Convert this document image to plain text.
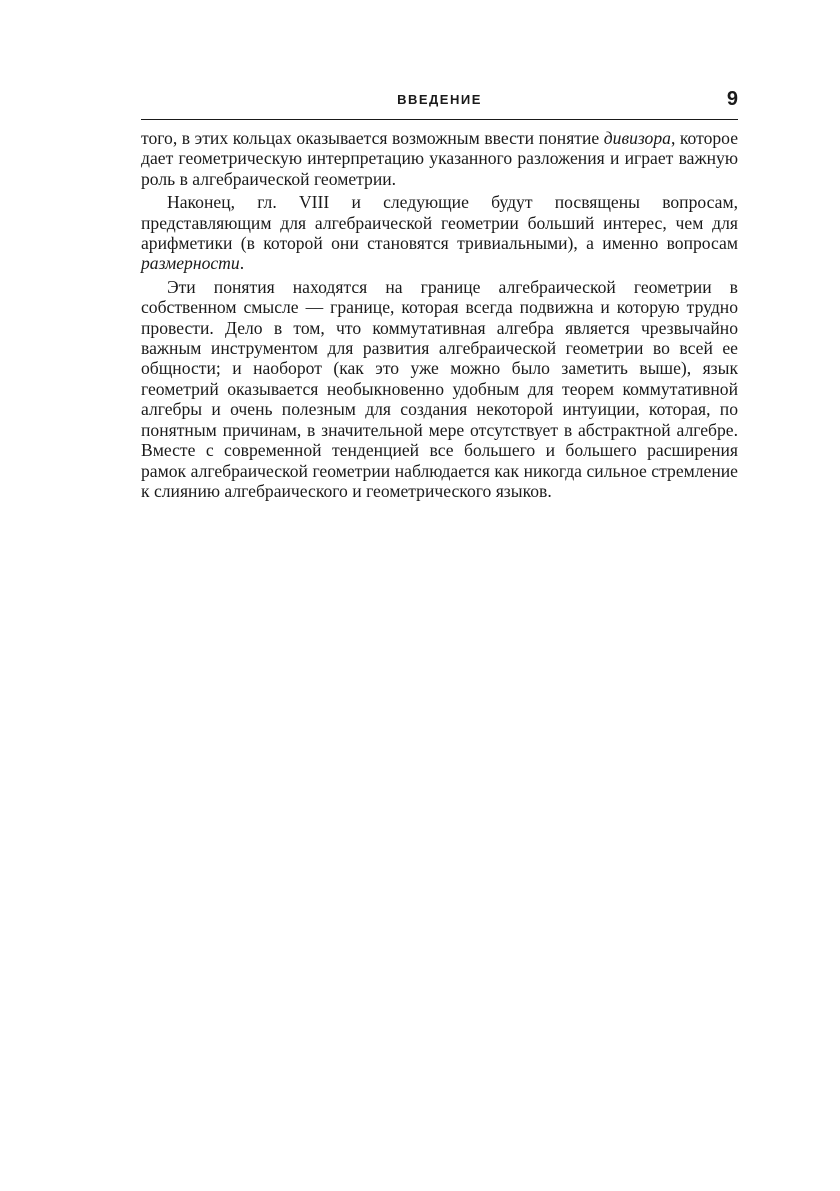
ВВЕДЕНИЕ	9

того, в этих кольцах оказывается возможным ввести понятие дивизора, которое дает геометрическую интерпретацию указанного разложения и играет важную роль в алгебраической геометрии.

Наконец, гл. VIII и следующие будут посвящены вопросам, представляющим для алгебраической геометрии больший интерес, чем для арифметики (в которой они становятся тривиальными), а именно вопросам размерности.

Эти понятия находятся на границе алгебраической геометрии в собственном смысле — границе, которая всегда подвижна и которую трудно провести. Дело в том, что коммутативная алгебра является чрезвычайно важным инструментом для развития алгебраической геометрии во всей ее общности; и наоборот (как это уже можно было заметить выше), язык геометрий оказывается необыкновенно удобным для теорем коммутативной алгебры и очень полезным для создания некоторой интуиции, которая, по понятным причинам, в значительной мере отсутствует в абстрактной алгебре. Вместе с современной тенденцией все большего и большего расширения рамок алгебраической геометрии наблюдается как никогда сильное стремление к слиянию алгебраического и геометрического языков.
